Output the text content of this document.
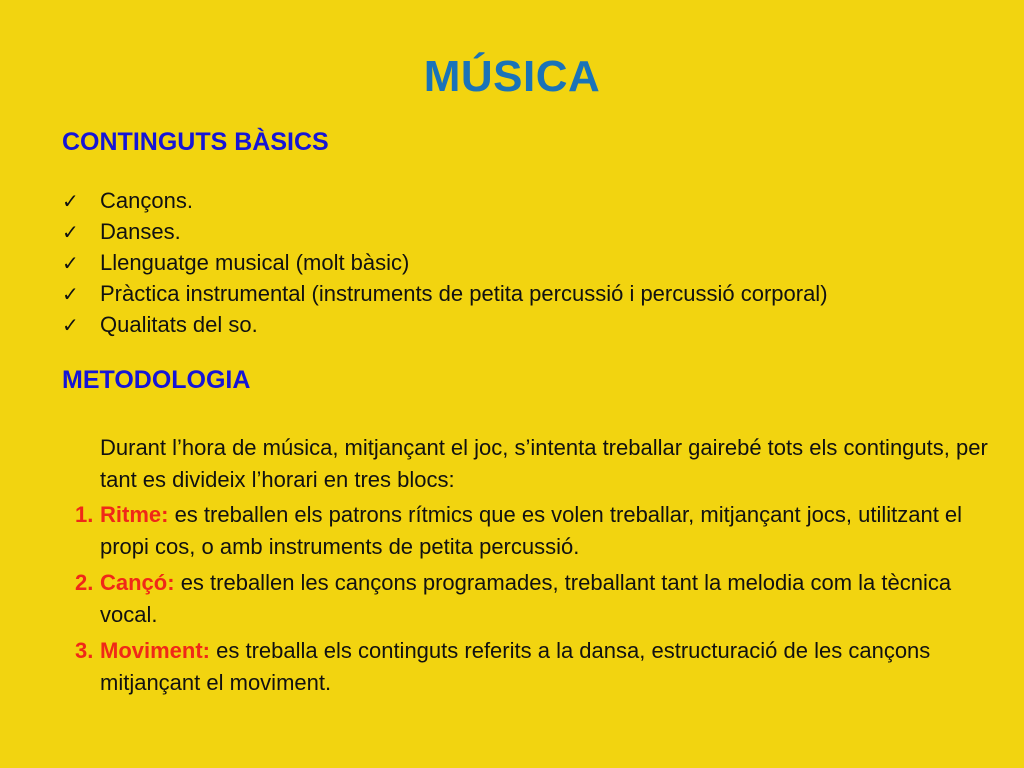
MÚSICA
CONTINGUTS BÀSICS
✓ Cançons.
✓ Danses.
✓ Llenguatge musical (molt bàsic)
✓ Pràctica instrumental (instruments de petita percussió i percussió corporal)
✓ Qualitats del so.
METODOLOGIA
Durant l’hora de música, mitjançant el joc, s’intenta treballar gairebé tots els continguts, per tant es divideix l’horari en tres blocs:
1. Ritme: es treballen els patrons rítmics que es volen treballar, mitjançant jocs, utilitzant el propi cos, o amb instruments de petita percussió.
2. Cançó: es treballen les cançons programades, treballant tant la melodia com la tècnica vocal.
3. Moviment: es treballa els continguts referits a la dansa, estructuració de les cançons mitjançant el moviment.
